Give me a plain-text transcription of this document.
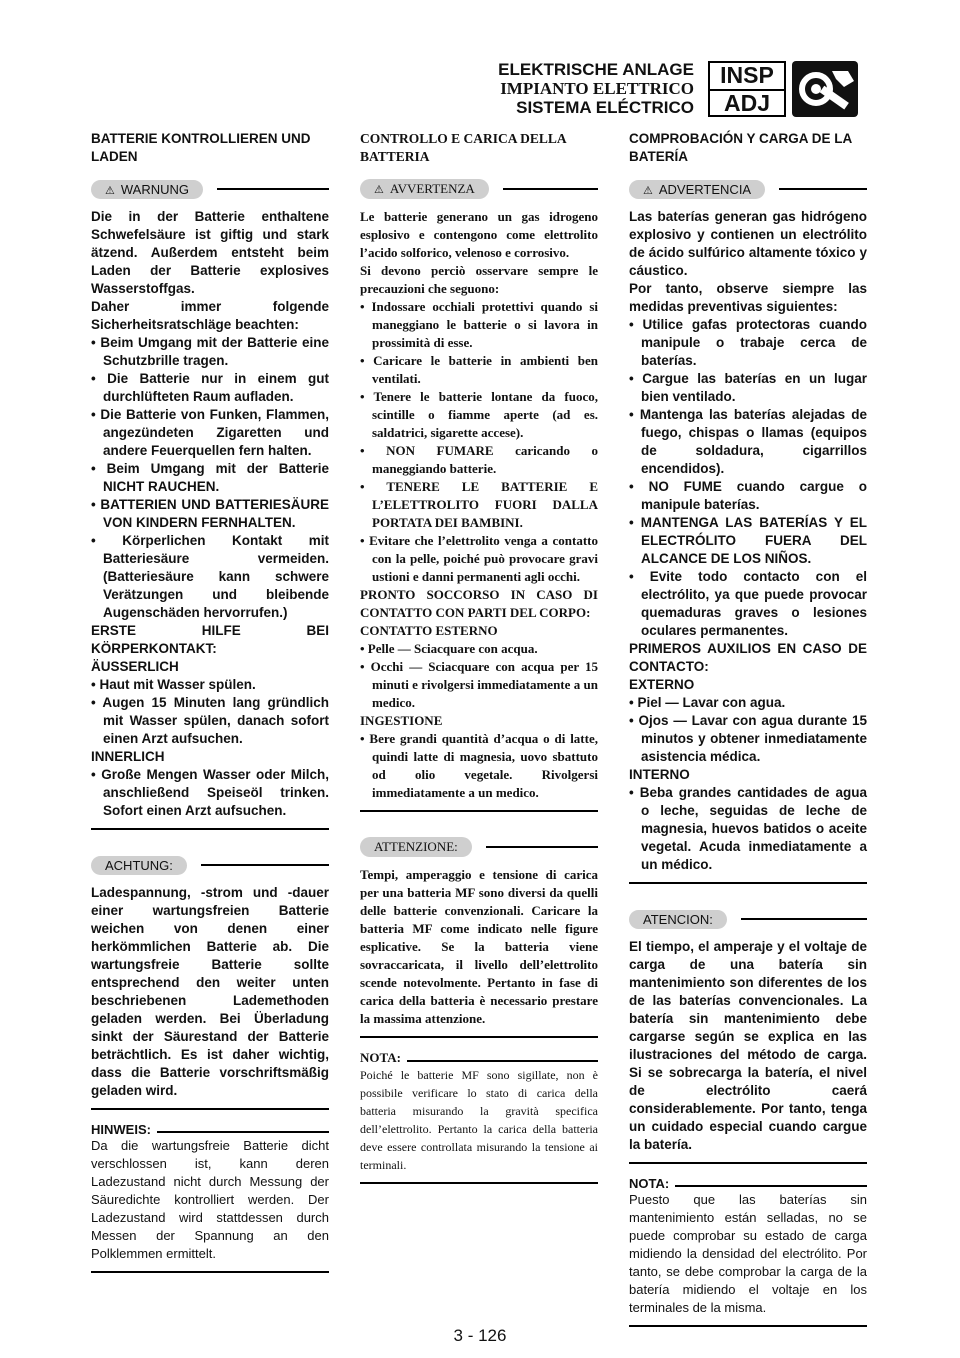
ELEKTRISCHE ANLAGE
IMPIANTO ELETTRICO
SISTEMA ELÉCTRICO
INSP
ADJ
BATTERIE KONTROLLIEREN UND LADEN
⚠ WARNUNG

Die in der Batterie enthaltene Schwefelsäure ist giftig und stark ätzend. Außerdem entsteht beim Laden der Batterie explosives Wasserstoffgas.

Daher immer folgende Sicherheitsratschläge beachten:

• Beim Umgang mit der Batterie eine Schutzbrille tragen.

• Die Batterie nur in einem gut durchlüfteten Raum aufladen.

• Die Batterie von Funken, Flammen, angezündeten Zigaretten und andere Feuerquellen fern halten.

• Beim Umgang mit der Batterie NICHT RAUCHEN.

• BATTERIEN UND BATTERIESÄURE VON KINDERN FERNHALTEN.

• Körperlichen Kontakt mit Batteriesäure vermeiden. (Batteriesäure kann schwere Verätzungen und bleibende Augenschäden hervorrufen.)

ERSTE HILFE BEI KÖRPERKONTAKT:

ÄUSSERLICH

• Haut mit Wasser spülen.

• Augen 15 Minuten lang gründlich mit Wasser spülen, danach sofort einen Arzt aufsuchen.

INNERLICH

• Große Mengen Wasser oder Milch, anschließend Speiseöl trinken. Sofort einen Arzt aufsuchen.

ACHTUNG:

Ladespannung, -strom und -dauer einer wartungsfreien Batterie weichen von denen einer herkömmlichen Batterie ab. Die wartungsfreie Batterie sollte entsprechend den weiter unten beschriebenen Lademethoden geladen werden. Bei Überladung sinkt der Säurestand der Batterie beträchtlich. Es ist daher wichtig, dass die Batterie vorschriftsmäßig geladen wird.

HINWEIS:

Da die wartungsfreie Batterie dicht verschlossen ist, kann deren Ladezustand nicht durch Messung der Säuredichte kontrolliert werden. Der Ladezustand wird stattdessen durch Messen der Spannung an den Polklemmen ermittelt.

CONTROLLO E CARICA DELLA BATTERIA
⚠ AVVERTENZA

Le batterie generano un gas idrogeno esplosivo e contengono come elettrolito l’acido solforico, velenoso e corrosivo.

Si devono perciò osservare sempre le precauzioni che seguono:

• Indossare occhiali protettivi quando si maneggiano le batterie o si lavora in prossimità di esse.

• Caricare le batterie in ambienti ben ventilati.

• Tenere le batterie lontane da fuoco, scintille o fiamme aperte (ad es. saldatrici, sigarette accese).

• NON FUMARE caricando o maneggiando batterie.

• TENERE LE BATTERIE E L’ELETTROLITO FUORI DALLA PORTATA DEI BAMBINI.

• Evitare che l’elettrolito venga a contatto con la pelle, poiché può provocare gravi ustioni e danni permanenti agli occhi.

PRONTO SOCCORSO IN CASO DI CONTATTO CON PARTI DEL CORPO:

CONTATTO ESTERNO

• Pelle — Sciacquare con acqua.

• Occhi — Sciacquare con acqua per 15 minuti e rivolgersi immediatamente a un medico.

INGESTIONE

• Bere grandi quantità d’acqua o di latte, quindi latte di magnesia, uovo sbattuto od olio vegetale. Rivolgersi immediatamente a un medico.

ATTENZIONE:

Tempi, amperaggio e tensione di carica per una batteria MF sono diversi da quelli delle batterie convenzionali. Caricare la batteria MF come indicato nelle figure esplicative. Se la batteria viene sovraccaricata, il livello dell’elettrolito scende notevolmente. Pertanto in fase di carica della batteria è necessario prestare la massima attenzione.

NOTA:

Poiché le batterie MF sono sigillate, non è possibile verificare lo stato di carica della batteria misurando la gravità specifica dell’elettrolito. Pertanto la carica della batteria deve essere controllata misurando la tensione ai terminali.

COMPROBACIÓN Y CARGA DE LA BATERÍA
⚠ ADVERTENCIA

Las baterías generan gas hidrógeno explosivo y contienen un electrólito de ácido sulfúrico altamente tóxico y cáustico.

Por tanto, observe siempre las medidas preventivas siguientes:

• Utilice gafas protectoras cuando manipule o trabaje cerca de baterías.

• Cargue las baterías en un lugar bien ventilado.

• Mantenga las baterías alejadas de fuego, chispas o llamas (equipos de soldadura, cigarrillos encendidos).

• NO FUME cuando cargue o manipule baterías.

• MANTENGA LAS BATERÍAS Y EL ELECTRÓLITO FUERA DEL ALCANCE DE LOS NIÑOS.

• Evite todo contacto con el electrólito, ya que puede provocar quemaduras graves o lesiones oculares permanentes.

PRIMEROS AUXILIOS EN CASO DE CONTACTO:

EXTERNO

• Piel — Lavar con agua.

• Ojos — Lavar con agua durante 15 minutos y obtener inmediatamente asistencia médica.

INTERNO

• Beba grandes cantidades de agua o leche, seguidas de leche de magnesia, huevos batidos o aceite vegetal. Acuda inmediatamente a un médico.

ATENCION:

El tiempo, el amperaje y el voltaje de carga de una batería sin mantenimiento son diferentes de los de las baterías convencionales. La batería sin mantenimiento debe cargarse según se explica en las ilustraciones del método de carga. Si se sobrecarga la batería, el nivel de electrólito caerá considerablemente. Por tanto, tenga un cuidado especial cuando cargue la batería.

NOTA:

Puesto que las baterías sin mantenimiento están selladas, no se puede comprobar su estado de carga midiendo la densidad del electrólito. Por tanto, se debe comprobar la carga de la batería midiendo el voltaje en los terminales de la misma.

3 - 126
